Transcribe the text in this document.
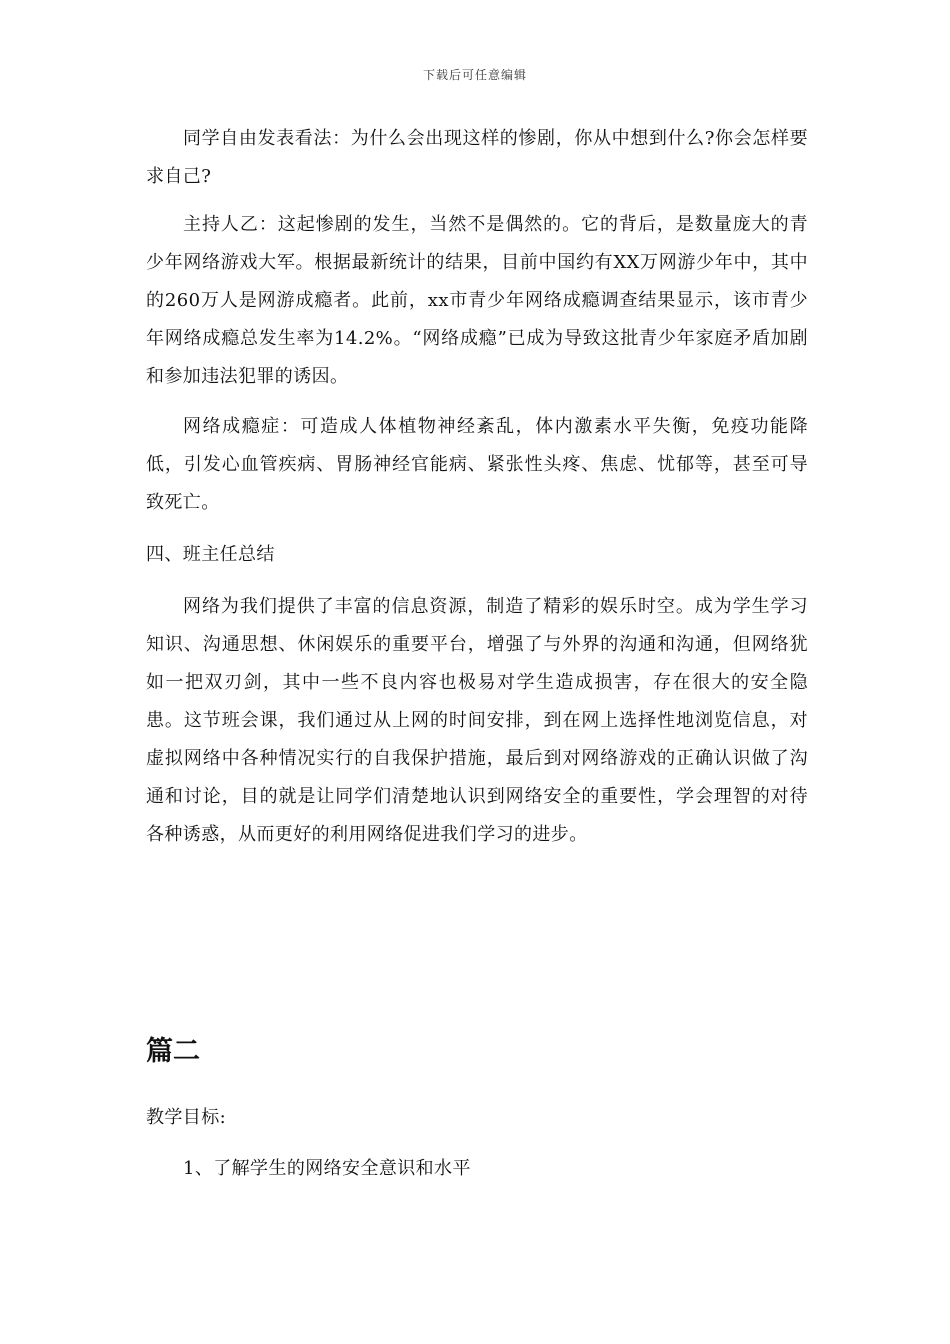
下载后可任意编辑

同学自由发表看法：为什么会出现这样的惨剧，你从中想到什么?你会怎样要求自己?

主持人乙：这起惨剧的发生，当然不是偶然的。它的背后，是数量庞大的青少年网络游戏大军。根据最新统计的结果，目前中国约有XX万网游少年中，其中的260万人是网游成瘾者。此前，xx市青少年网络成瘾调查结果显示，该市青少年网络成瘾总发生率为14.2%。“网络成瘾”已成为导致这批青少年家庭矛盾加剧和参加违法犯罪的诱因。

网络成瘾症：可造成人体植物神经紊乱，体内激素水平失衡，免疫功能降低，引发心血管疾病、胃肠神经官能病、紧张性头疼、焦虑、忧郁等，甚至可导致死亡。

四、班主任总结

网络为我们提供了丰富的信息资源，制造了精彩的娱乐时空。成为学生学习知识、沟通思想、休闲娱乐的重要平台，增强了与外界的沟通和沟通，但网络犹如一把双刃剑，其中一些不良内容也极易对学生造成损害，存在很大的安全隐患。这节班会课，我们通过从上网的时间安排，到在网上选择性地浏览信息，对虚拟网络中各种情况实行的自我保护措施，最后到对网络游戏的正确认识做了沟通和讨论，目的就是让同学们清楚地认识到网络安全的重要性，学会理智的对待各种诱惑，从而更好的利用网络促进我们学习的进步。

篇二

教学目标:

1、了解学生的网络安全意识和水平
